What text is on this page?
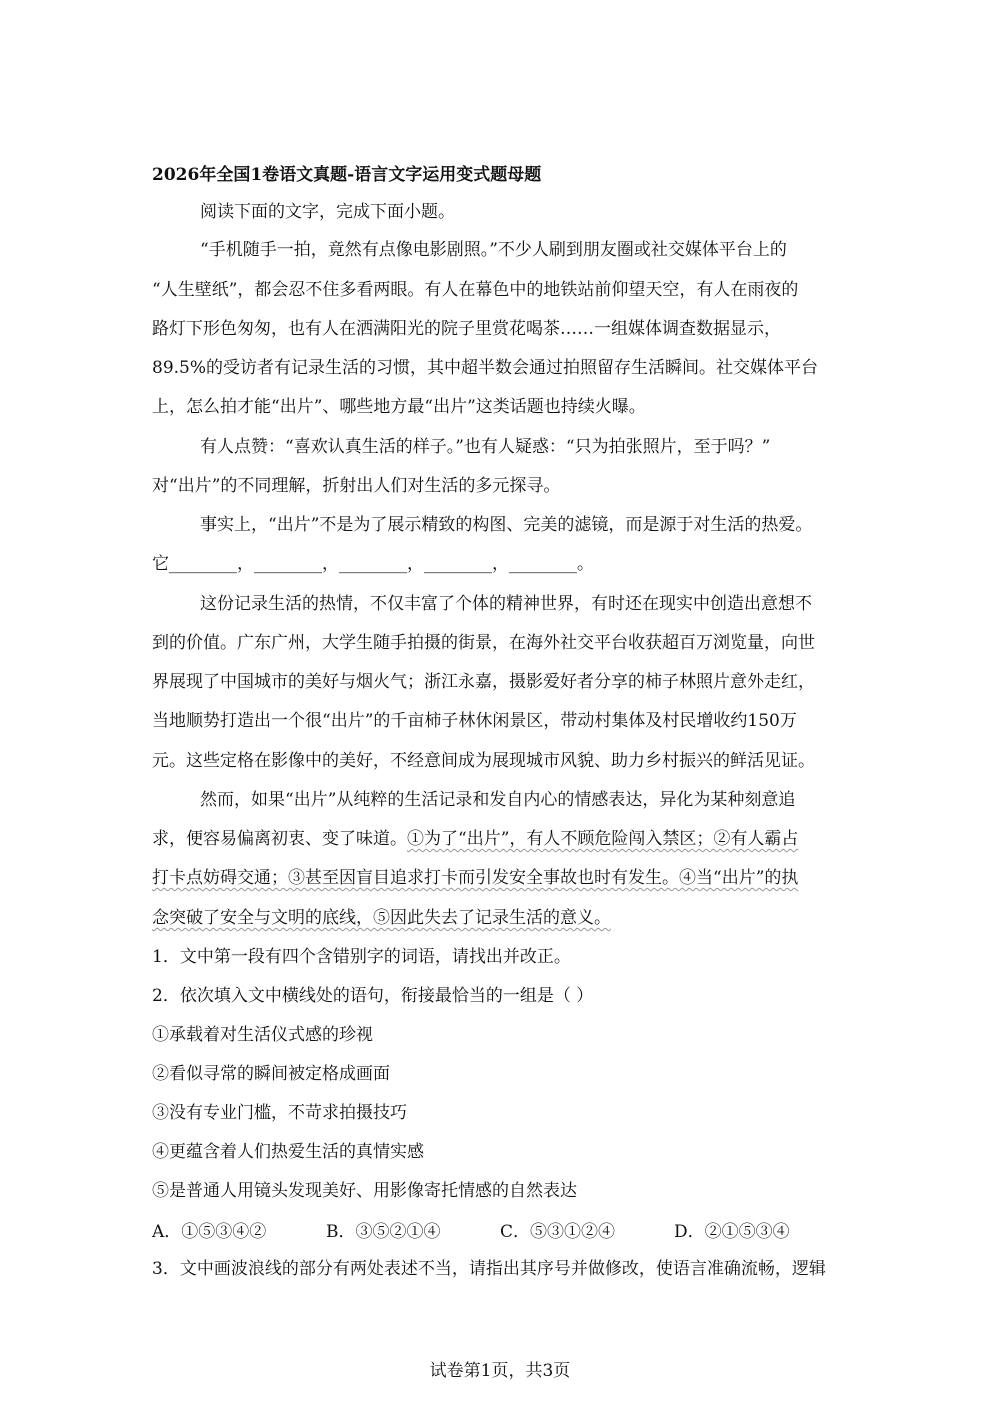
2026年全国1卷语文真题-语言文字运用变式题母题
阅读下面的文字，完成下面小题。
“手机随手一拍，竟然有点像电影剧照。”不少人刷到朋友圈或社交媒体平台上的
“人生壁纸”，都会忍不住多看两眼。有人在幕色中的地铁站前仰望天空，有人在雨夜的
路灯下形色匆匆，也有人在洒满阳光的院子里赏花喝茶……一组媒体调查数据显示，
89.5%的受访者有记录生活的习惯，其中超半数会通过拍照留存生活瞬间。社交媒体平台
上，怎么拍才能“出片”、哪些地方最“出片”这类话题也持续火曝。
有人点赞：“喜欢认真生活的样子。”也有人疑惑：“只为拍张照片，至于吗？”
对“出片”的不同理解，折射出人们对生活的多元探寻。
事实上，“出片”不是为了展示精致的构图、完美的滤镜，而是源于对生活的热爱。
它________，________，________，________，________。
这份记录生活的热情，不仅丰富了个体的精神世界，有时还在现实中创造出意想不
到的价值。广东广州，大学生随手拍摄的街景，在海外社交平台收获超百万浏览量，向世
界展现了中国城市的美好与烟火气；浙江永嘉，摄影爱好者分享的柿子林照片意外走红，
当地顺势打造出一个很“出片”的千亩柿子林休闲景区，带动村集体及村民增收约150万
元。这些定格在影像中的美好，不经意间成为展现城市风貌、助力乡村振兴的鲜活见证。
然而，如果“出片”从纯粹的生活记录和发自内心的情感表达，异化为某种刻意追
求，便容易偏离初衷、变了味道。①为了“出片”，有人不顾危险闯入禁区；②有人霸占
打卡点妨碍交通；③甚至因盲目追求打卡而引发安全事故也时有发生。④当“出片”的执
念突破了安全与文明的底线，⑤因此失去了记录生活的意义。
1．文中第一段有四个含错别字的词语，请找出并改正。
2．依次填入文中横线处的语句，衔接最恰当的一组是（ ）
①承载着对生活仪式感的珍视
②看似寻常的瞬间被定格成画面
③没有专业门槛，不苛求拍摄技巧
④更蕴含着人们热爱生活的真情实感
⑤是普通人用镜头发现美好、用影像寄托情感的自然表达
A．①⑤③④②	B．③⑤②①④	C．⑤③①②④	D．②①⑤③④
3．文中画波浪线的部分有两处表述不当，请指出其序号并做修改，使语言准确流畅，逻辑
试卷第1页，共3页
